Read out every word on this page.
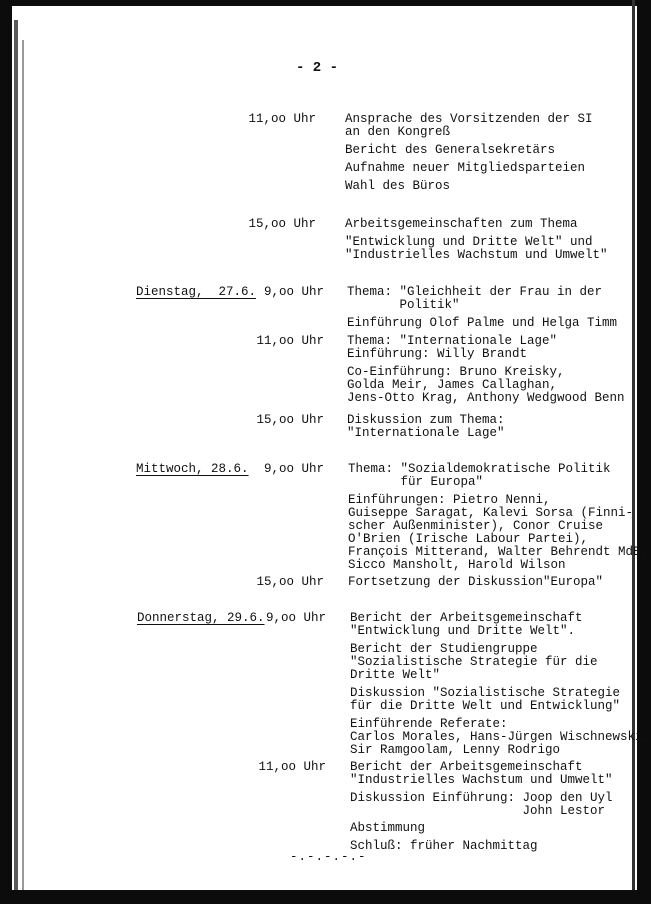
- 2 -
11,oo Uhr Ansprache des Vorsitzenden der SI
an den Kongreß
Bericht des Generalsekretärs
Aufnahme neuer Mitgliedsparteien
Wahl des Büros
15,oo Uhr Arbeitsgemeinschaften zum Thema
"Entwicklung und Dritte Welt" und
"Industrielles Wachstum und Umwelt"
Dienstag,  27.6. 9,oo Uhr Thema: "Gleichheit der Frau in der
Politik"
Einführung Olof Palme und Helga Timm
11,oo Uhr Thema: "Internationale Lage"
Einführung: Willy Brandt
Co-Einführung: Bruno Kreisky,
Golda Meir, James Callaghan,
Jens-Otto Krag, Anthony Wedgwood Benn
15,oo Uhr Diskussion zum Thema:
"Internationale Lage"
Mittwoch, 28.6.	9,oo Uhr Thema: "Sozialdemokratische Politik
für Europa"
Einführungen: Pietro Nenni,
Guiseppe Saragat, Kalevi Sorsa (Finni-
scher Außenminister), Conor Cruise
O'Brien (Irische Labour Partei),
François Mitterand, Walter Behrendt MdB,
Sicco Mansholt, Harold Wilson
15,oo Uhr Fortsetzung der Diskussion"Europa"
Donnerstag, 29.6. 9,oo Uhr Bericht der Arbeitsgemeinschaft
"Entwicklung und Dritte Welt".
Bericht der Studiengruppe
"Sozialistische Strategie für die
Dritte Welt"
Diskussion "Sozialistische Strategie
für die Dritte Welt und Entwicklung"
Einführende Referate:
Carlos Morales, Hans-Jürgen Wischnewski,
Sir Ramgoolam, Lenny Rodrigo
11,oo Uhr Bericht der Arbeitsgemeinschaft
"Industrielles Wachstum und Umwelt"
Diskussion Einführung: Joop den Uyl
John Lestor
Abstimmung
Schluß: früher Nachmittag
-.-.-.-.-
